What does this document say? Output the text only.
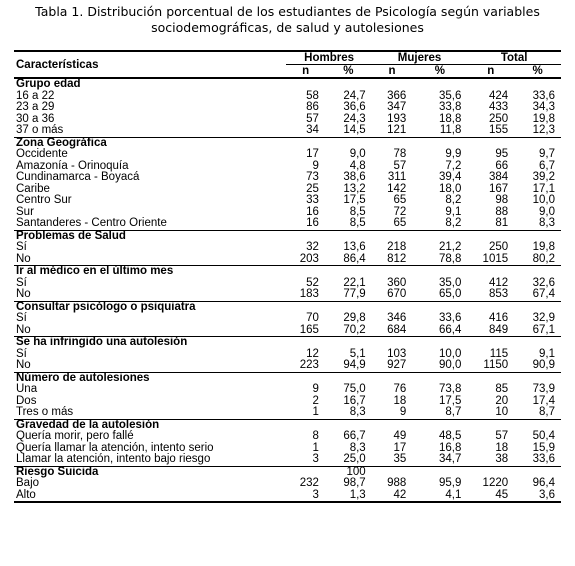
Tabla 1. Distribución porcentual de los estudiantes de Psicología según variables
sociodemográficas, de salud y autolesiones
Características	Hombres		Mujeres		Total	
	n	%	n	%	n	%
Grupo edad						
16 a 22	58	24,7	366	35,6	424	33,6
23 a 29	86	36,6	347	33,8	433	34,3
30 a 36	57	24,3	193	18,8	250	19,8
37 o más	34	14,5	121	11,8	155	12,3
Zona Geográfica						
Occidente	17	9,0	78	9,9	95	9,7
Amazonía - Orinoquía	9	4,8	57	7,2	66	6,7
Cundinamarca - Boyacá	73	38,6	311	39,4	384	39,2
Caribe	25	13,2	142	18,0	167	17,1
Centro Sur	33	17,5	65	8,2	98	10,0
Sur	16	8,5	72	9,1	88	9,0
Santanderes - Centro Oriente	16	8,5	65	8,2	81	8,3
Problemas de Salud						
Sí	32	13,6	218	21,2	250	19,8
No	203	86,4	812	78,8	1015	80,2
Ir al médico en el último mes						
Sí	52	22,1	360	35,0	412	32,6
No	183	77,9	670	65,0	853	67,4
Consultar psicólogo o psiquiatra						
Sí	70	29,8	346	33,6	416	32,9
No	165	70,2	684	66,4	849	67,1
Se ha infringido una autolesión						
Sí	12	5,1	103	10,0	115	9,1
No	223	94,9	927	90,0	1150	90,9
Número de autolesiones						
Una	9	75,0	76	73,8	85	73,9
Dos	2	16,7	18	17,5	20	17,4
Tres o más	1	8,3	9	8,7	10	8,7
Gravedad de la autolesión						
Quería morir, pero fallé	8	66,7	49	48,5	57	50,4
Quería llamar la atención, intento serio	1	8,3	17	16,8	18	15,9
Llamar la atención, intento bajo riesgo	3	25,0	35	34,7	38	33,6
Riesgo Suicida		100				
Bajo	232	98,7	988	95,9	1220	96,4
Alto	3	1,3	42	4,1	45	3,6
